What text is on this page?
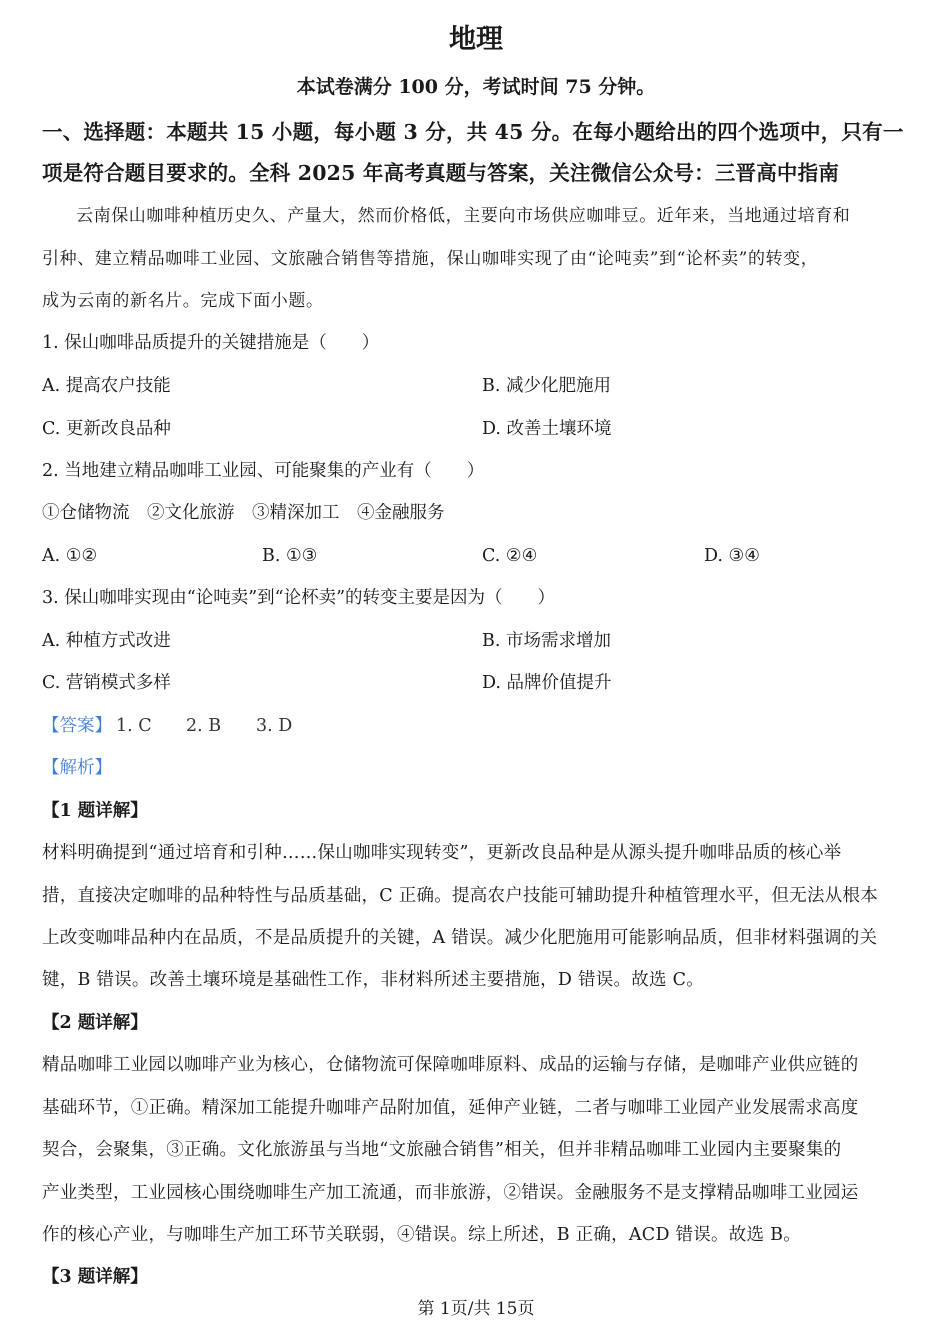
地理
本试卷满分 100 分，考试时间 75 分钟。
一、选择题：本题共 15 小题，每小题 3 分，共 45 分。在每小题给出的四个选项中，只有一
项是符合题目要求的。全科 2025 年高考真题与答案，关注微信公众号：三晋高中指南
云南保山咖啡种植历史久、产量大，然而价格低，主要向市场供应咖啡豆。近年来，当地通过培育和
引种、建立精品咖啡工业园、文旅融合销售等措施，保山咖啡实现了由“论吨卖”到“论杯卖”的转变，
成为云南的新名片。完成下面小题。
1. 保山咖啡品质提升的关键措施是（　　）
A. 提高农户技能	B. 减少化肥施用
C. 更新改良品种	D. 改善土壤环境
2. 当地建立精品咖啡工业园、可能聚集的产业有（　　）
①仓储物流　②文化旅游　③精深加工　④金融服务
A. ①②	B. ①③	C. ②④	D. ③④
3. 保山咖啡实现由“论吨卖”到“论杯卖”的转变主要是因为（　　）
A. 种植方式改进	B. 市场需求增加
C. 营销模式多样	D. 品牌价值提升
【答案】 1. C 2. B 3. D
【解析】
【1 题详解】
材料明确提到“通过培育和引种……保山咖啡实现转变”，更新改良品种是从源头提升咖啡品质的核心举
措，直接决定咖啡的品种特性与品质基础，C 正确。提高农户技能可辅助提升种植管理水平，但无法从根本
上改变咖啡品种内在品质，不是品质提升的关键，A 错误。减少化肥施用可能影响品质，但非材料强调的关
键，B 错误。改善土壤环境是基础性工作，非材料所述主要措施，D 错误。故选 C。
【2 题详解】
精品咖啡工业园以咖啡产业为核心，仓储物流可保障咖啡原料、成品的运输与存储，是咖啡产业供应链的
基础环节，①正确。精深加工能提升咖啡产品附加值，延伸产业链，二者与咖啡工业园产业发展需求高度
契合，会聚集，③正确。文化旅游虽与当地“文旅融合销售”相关，但并非精品咖啡工业园内主要聚集的
产业类型，工业园核心围绕咖啡生产加工流通，而非旅游，②错误。金融服务不是支撑精品咖啡工业园运
作的核心产业，与咖啡生产加工环节关联弱，④错误。综上所述，B 正确，ACD 错误。故选 B。
【3 题详解】
第 1页/共 15页
